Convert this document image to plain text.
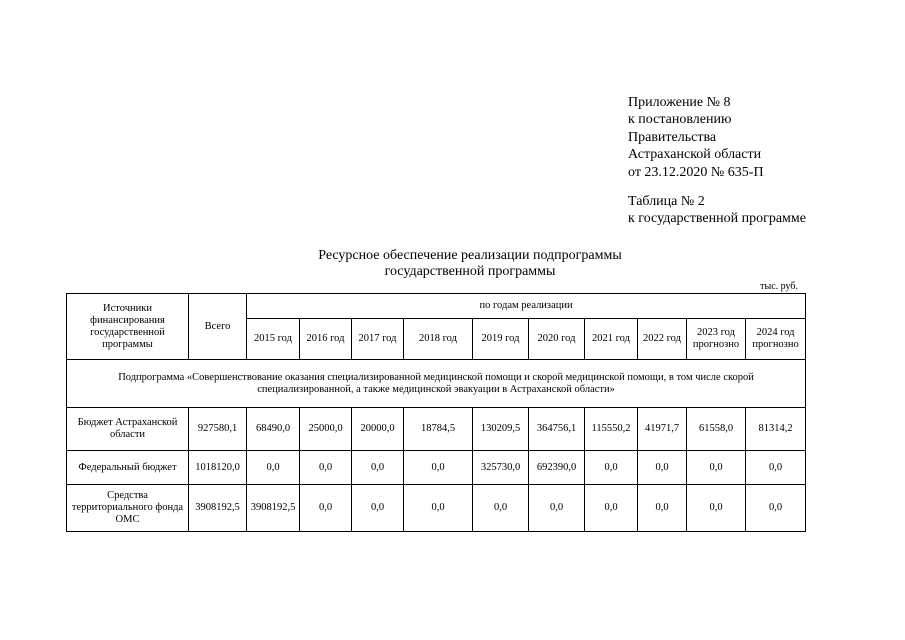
Приложение № 8
к постановлению
Правительства
Астраханской области
от 23.12.2020 № 635-П
Таблица № 2
к государственной программе
Ресурсное обеспечение реализации подпрограммы
государственной программы
тыс. руб.
Источники финансирования государственной программы	Всего	по годам реализации									
		2015 год	2016 год	2017 год	2018 год	2019 год	2020 год	2021 год	2022 год	2023 год прогнозно	2024 год прогнозно
Подпрограмма «Совершенствование оказания специализированной медицинской помощи и скорой медицинской помощи, в том числе скорой специализированной, а также медицинской эвакуации в Астраханской области»											
Бюджет Астраханской области	927580,1	68490,0	25000,0	20000,0	18784,5	130209,5	364756,1	115550,2	41971,7	61558,0	81314,2
Федеральный бюджет	1018120,0	0,0	0,0	0,0	0,0	325730,0	692390,0	0,0	0,0	0,0	0,0
Средства территориального фонда ОМС	3908192,5	3908192,5	0,0	0,0	0,0	0,0	0,0	0,0	0,0	0,0	0,0
